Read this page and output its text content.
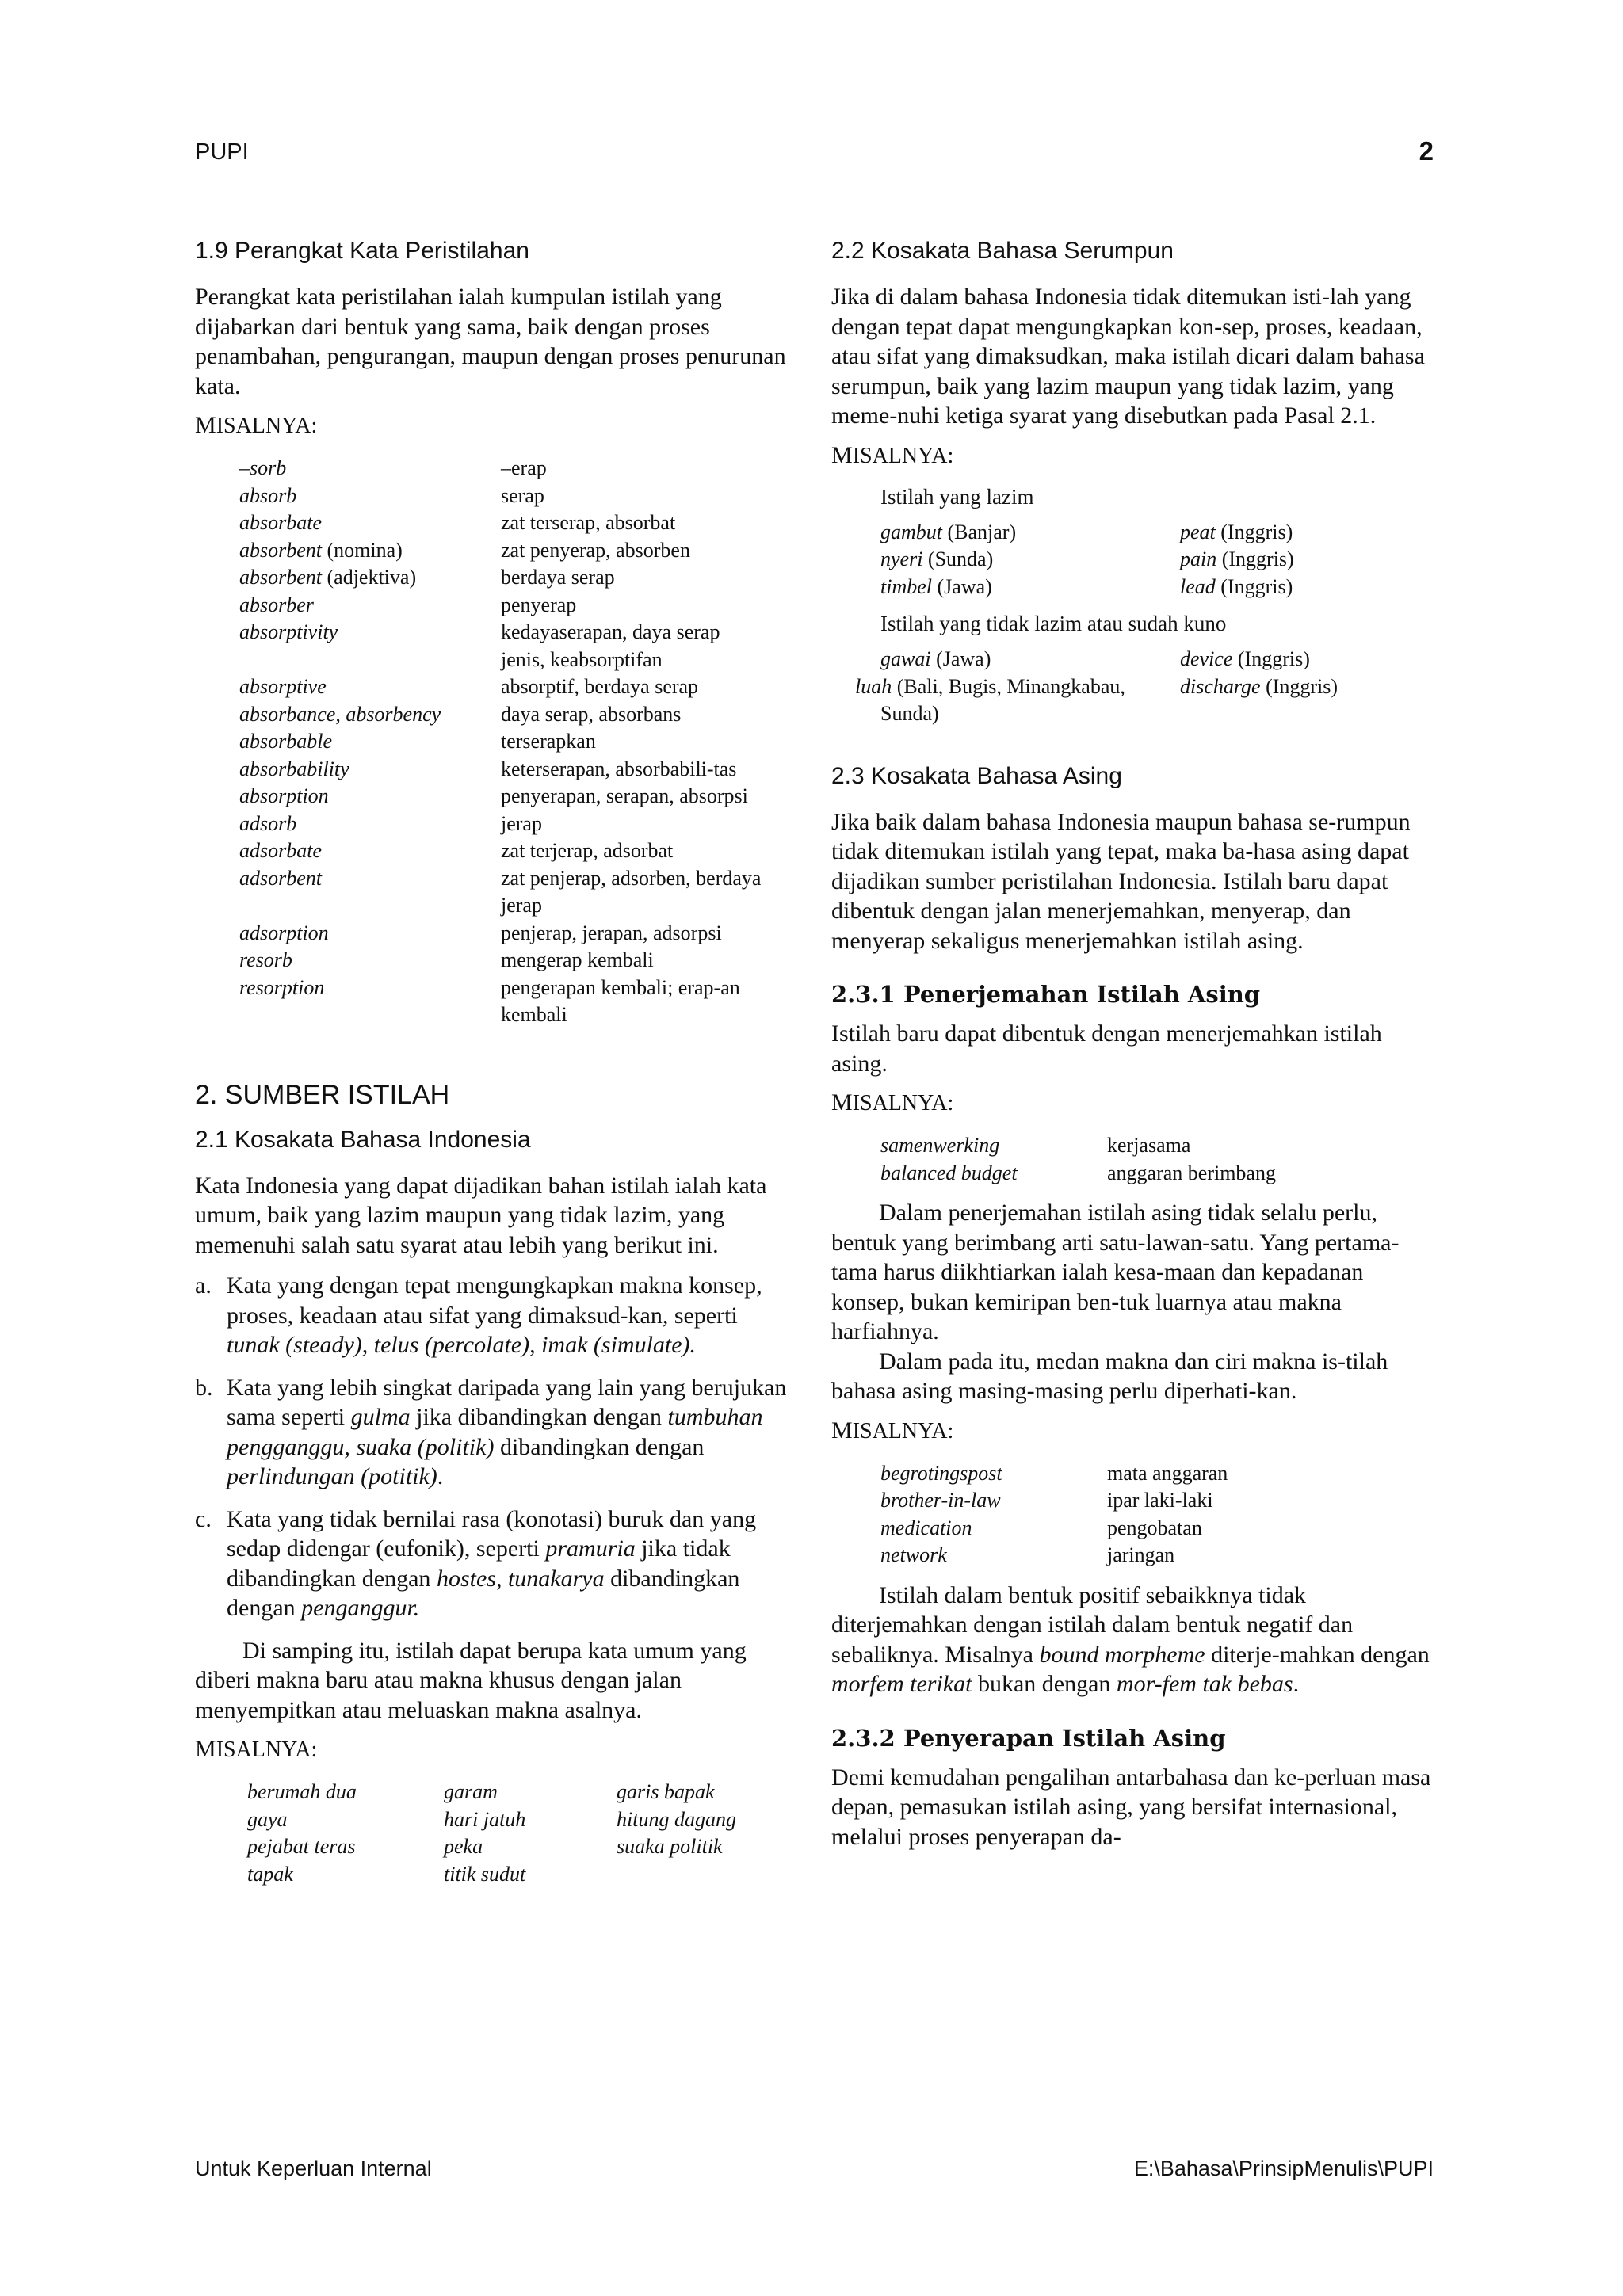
PUPI	2
1.9 Perangkat Kata Peristilahan

Perangkat kata peristilahan ialah kumpulan istilah yang dijabarkan dari bentuk yang sama, baik dengan proses penambahan, pengurangan, maupun dengan proses penurunan kata.

MISALNYA:
–sorb	–erap
absorb	serap
absorbate	zat terserap, absorbat
absorbent (nomina)	zat penyerap, absorben
absorbent (adjektiva)	berdaya serap
absorber	penyerap
absorptivity	kedayaserapan, daya serap jenis, keabsorptifan
absorptive	absorptif, berdaya serap
absorbance, absorbency	daya serap, absorbans
absorbable	terserapkan
absorbability	keterserapan, absorbabili-tas
absorption	penyerapan, serapan, absorpsi
adsorb	jerap
adsorbate	zat terjerap, adsorbat
adsorbent	zat penjerap, adsorben, berdaya jerap
adsorption	penjerap, jerapan, adsorpsi
resorb	mengerap kembali
resorption	pengerapan kembali; erap-an kembali
2. SUMBER ISTILAH
2.1 Kosakata Bahasa Indonesia

Kata Indonesia yang dapat dijadikan bahan istilah ialah kata umum, baik yang lazim maupun yang tidak lazim, yang memenuhi salah satu syarat atau lebih yang berikut ini.

a. Kata yang dengan tepat mengungkapkan makna konsep, proses, keadaan atau sifat yang dimaksud-kan, seperti tunak (steady), telus (percolate), imak (simulate).
b. Kata yang lebih singkat daripada yang lain yang berujukan sama seperti gulma jika dibandingkan dengan tumbuhan pengganggu, suaka (politik) dibandingkan dengan perlindungan (potitik).
c. Kata yang tidak bernilai rasa (konotasi) buruk dan yang sedap didengar (eufonik), seperti pramuria jika tidak dibandingkan dengan hostes, tunakarya dibandingkan dengan penganggur.

Di samping itu, istilah dapat berupa kata umum yang diberi makna baru atau makna khusus dengan jalan menyempitkan atau meluaskan makna asalnya.

MISALNYA:
berumah dua	garam	garis bapak
gaya	hari jatuh	hitung dagang
pejabat teras	peka	suaka politik
tapak	titik sudut	
2.2 Kosakata Bahasa Serumpun

Jika di dalam bahasa Indonesia tidak ditemukan isti-lah yang dengan tepat dapat mengungkapkan kon-sep, proses, keadaan, atau sifat yang dimaksudkan, maka istilah dicari dalam bahasa serumpun, baik yang lazim maupun yang tidak lazim, yang meme-nuhi ketiga syarat yang disebutkan pada Pasal 2.1.

MISALNYA:
Istilah yang lazim
gambut (Banjar)	peat (Inggris)
nyeri (Sunda)	pain (Inggris)
timbel (Jawa)	lead (Inggris)
Istilah yang tidak lazim atau sudah kuno
gawai (Jawa)	device (Inggris)
luah (Bali, Bugis, Minangkabau, Sunda)	discharge (Inggris)
2.3 Kosakata Bahasa Asing

Jika baik dalam bahasa Indonesia maupun bahasa se-rumpun tidak ditemukan istilah yang tepat, maka ba-hasa asing dapat dijadikan sumber peristilahan Indonesia. Istilah baru dapat dibentuk dengan jalan menerjemahkan, menyerap, dan menyerap sekaligus menerjemahkan istilah asing.

2.3.1 Penerjemahan Istilah Asing

Istilah baru dapat dibentuk dengan menerjemahkan istilah asing.

MISALNYA:
samenwerking	kerjasama
balanced budget	anggaran berimbang

Dalam penerjemahan istilah asing tidak selalu perlu, bentuk yang berimbang arti satu-lawan-satu. Yang pertama-tama harus diikhtiarkan ialah kesa-maan dan kepadanan konsep, bukan kemiripan ben-tuk luarnya atau makna harfiahnya.

Dalam pada itu, medan makna dan ciri makna is-tilah bahasa asing masing-masing perlu diperhati-kan.

MISALNYA:
begrotingspost	mata anggaran
brother-in-law	ipar laki-laki
medication	pengobatan
network	jaringan

Istilah dalam bentuk positif sebaikknya tidak diterjemahkan dengan istilah dalam bentuk negatif dan sebaliknya. Misalnya bound morpheme diterje-mahkan dengan morfem terikat bukan dengan mor-fem tak bebas.

2.3.2 Penyerapan Istilah Asing

Demi kemudahan pengalihan antarbahasa dan ke-perluan masa depan, pemasukan istilah asing, yang bersifat internasional, melalui proses penyerapan da-

Untuk Keperluan Internal	E:\Bahasa\PrinsipMenulis\PUPI
